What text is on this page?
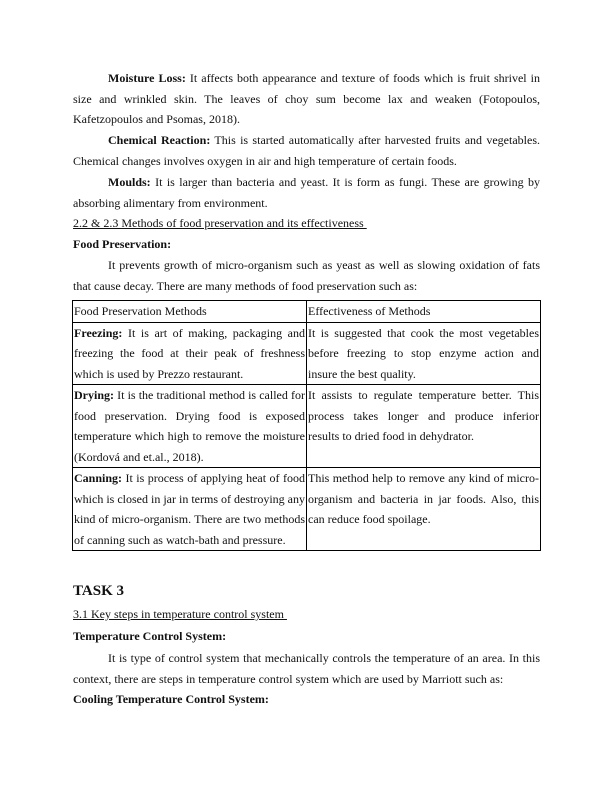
Moisture Loss: It affects both appearance and texture of foods which is fruit shrivel in size and wrinkled skin. The leaves of choy sum become lax and weaken (Fotopoulos, Kafetzopoulos and Psomas, 2018).
Chemical Reaction: This is started automatically after harvested fruits and vegetables. Chemical changes involves oxygen in air and high temperature of certain foods.
Moulds: It is larger than bacteria and yeast. It is form as fungi. These are growing by absorbing alimentary from environment.
2.2 & 2.3 Methods of food preservation and its effectiveness
Food Preservation:
It prevents growth of micro-organism such as yeast as well as slowing oxidation of fats that cause decay. There are many methods of food preservation such as:
Food Preservation Methods	Effectiveness of Methods
Freezing: It is art of making, packaging and freezing the food at their peak of freshness which is used by Prezzo restaurant.	It is suggested that cook the most vegetables before freezing to stop enzyme action and insure the best quality.
Drying: It is the traditional method is called for food preservation. Drying food is exposed temperature which high to remove the moisture (Kordová and et.al., 2018).	It assists to regulate temperature better. This process takes longer and produce inferior results to dried food in dehydrator.
Canning: It is process of applying heat of food which is closed in jar in terms of destroying any kind of micro-organism. There are two methods of canning such as watch-bath and pressure.	This method help to remove any kind of micro-organism and bacteria in jar foods. Also, this can reduce food spoilage.
TASK 3
3.1 Key steps in temperature control system
Temperature Control System:
It is type of control system that mechanically controls the temperature of an area. In this context, there are steps in temperature control system which are used by Marriott such as:
Cooling Temperature Control System:
